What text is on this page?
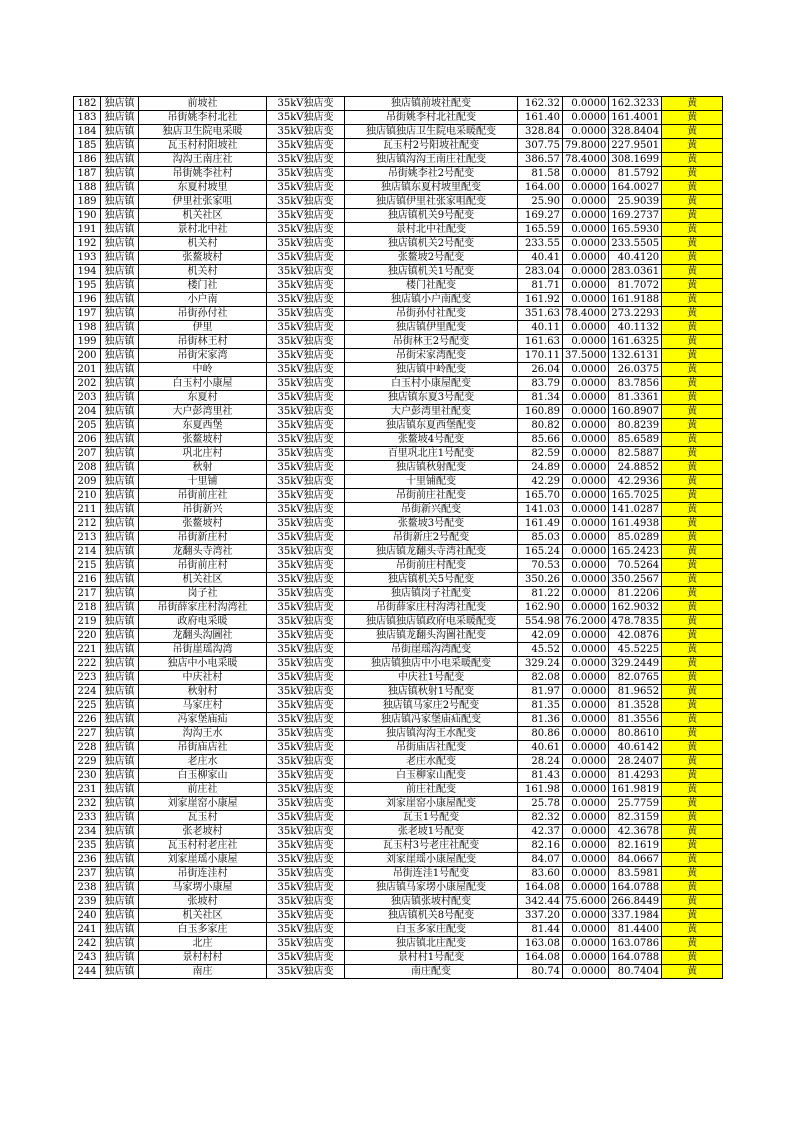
182	独店镇	前坡社	35kV独店变	独店镇前坡社配变	162.32	0.0000	162.3233	黄
183	独店镇	吊街姚李村北社	35kV独店变	吊街姚李村北社配变	161.40	0.0000	161.4001	黄
184	独店镇	独店卫生院电采暖	35kV独店变	独店镇独店卫生院电采暖配变	328.84	0.0000	328.8404	黄
185	独店镇	瓦玉村村阳坡社	35kV独店变	瓦玉村2号阳坡社配变	307.75	79.8000	227.9501	黄
186	独店镇	沟沟王南庄社	35kV独店变	独店镇沟沟王南庄社配变	386.57	78.4000	308.1699	黄
187	独店镇	吊街姚李社村	35kV独店变	吊街姚李社2号配变	81.58	0.0000	81.5792	黄
188	独店镇	东夏村坡里	35kV独店变	独店镇东夏村坡里配变	164.00	0.0000	164.0027	黄
189	独店镇	伊里社张家咀	35kV独店变	独店镇伊里社张家咀配变	25.90	0.0000	25.9039	黄
190	独店镇	机关社区	35kV独店变	独店镇机关9号配变	169.27	0.0000	169.2737	黄
191	独店镇	景村北中社	35kV独店变	景村北中社配变	165.59	0.0000	165.5930	黄
192	独店镇	机关村	35kV独店变	独店镇机关2号配变	233.55	0.0000	233.5505	黄
193	独店镇	张鳌坡村	35kV独店变	张鳌坡2号配变	40.41	0.0000	40.4120	黄
194	独店镇	机关村	35kV独店变	独店镇机关1号配变	283.04	0.0000	283.0361	黄
195	独店镇	楼门社	35kV独店变	楼门社配变	81.71	0.0000	81.7072	黄
196	独店镇	小户南	35kV独店变	独店镇小户南配变	161.92	0.0000	161.9188	黄
197	独店镇	吊街孙付社	35kV独店变	吊街孙付社配变	351.63	78.4000	273.2293	黄
198	独店镇	伊里	35kV独店变	独店镇伊里配变	40.11	0.0000	40.1132	黄
199	独店镇	吊街林王村	35kV独店变	吊街林王2号配变	161.63	0.0000	161.6325	黄
200	独店镇	吊街宋家湾	35kV独店变	吊街宋家湾配变	170.11	37.5000	132.6131	黄
201	独店镇	中岭	35kV独店变	独店镇中岭配变	26.04	0.0000	26.0375	黄
202	独店镇	白玉村小康屋	35kV独店变	白玉村小康屋配变	83.79	0.0000	83.7856	黄
203	独店镇	东夏村	35kV独店变	独店镇东夏3号配变	81.34	0.0000	81.3361	黄
204	独店镇	大户彭湾里社	35kV独店变	大户彭湾里社配变	160.89	0.0000	160.8907	黄
205	独店镇	东夏西堡	35kV独店变	独店镇东夏西堡配变	80.82	0.0000	80.8239	黄
206	独店镇	张鳌坡村	35kV独店变	张鳌坡4号配变	85.66	0.0000	85.6589	黄
207	独店镇	巩北庄村	35kV独店变	百里巩北庄1号配变	82.59	0.0000	82.5887	黄
208	独店镇	秋射	35kV独店变	独店镇秋射配变	24.89	0.0000	24.8852	黄
209	独店镇	十里铺	35kV独店变	十里铺配变	42.29	0.0000	42.2936	黄
210	独店镇	吊街前庄社	35kV独店变	吊街前庄社配变	165.70	0.0000	165.7025	黄
211	独店镇	吊街新兴	35kV独店变	吊街新兴配变	141.03	0.0000	141.0287	黄
212	独店镇	张鳌坡村	35kV独店变	张鳌坡3号配变	161.49	0.0000	161.4938	黄
213	独店镇	吊街新庄村	35kV独店变	吊街新庄2号配变	85.03	0.0000	85.0289	黄
214	独店镇	龙翻头寺湾社	35kV独店变	独店镇龙翻头寺湾社配变	165.24	0.0000	165.2423	黄
215	独店镇	吊街前庄村	35kV独店变	吊街前庄村配变	70.53	0.0000	70.5264	黄
216	独店镇	机关社区	35kV独店变	独店镇机关5号配变	350.26	0.0000	350.2567	黄
217	独店镇	岗子社	35kV独店变	独店镇岗子社配变	81.22	0.0000	81.2206	黄
218	独店镇	吊街薛家庄村沟湾社	35kV独店变	吊街薛家庄村沟湾社配变	162.90	0.0000	162.9032	黄
219	独店镇	政府电采暖	35kV独店变	独店镇独店镇政府电采暖配变	554.98	76.2000	478.7835	黄
220	独店镇	龙翻头沟圖社	35kV独店变	独店镇龙翻头沟圖社配变	42.09	0.0000	42.0876	黄
221	独店镇	吊街崖瑶沟湾	35kV独店变	吊街崖瑶沟湾配变	45.52	0.0000	45.5225	黄
222	独店镇	独店中小电采暖	35kV独店变	独店镇独店中小电采暖配变	329.24	0.0000	329.2449	黄
223	独店镇	中庆社村	35kV独店变	中庆社1号配变	82.08	0.0000	82.0765	黄
224	独店镇	秋射村	35kV独店变	独店镇秋射1号配变	81.97	0.0000	81.9652	黄
225	独店镇	马家庄村	35kV独店变	独店镇马家庄2号配变	81.35	0.0000	81.3528	黄
226	独店镇	冯家堡庙疝	35kV独店变	独店镇冯家堡庙疝配变	81.36	0.0000	81.3556	黄
227	独店镇	沟沟王水	35kV独店变	独店镇沟沟王水配变	80.86	0.0000	80.8610	黄
228	独店镇	吊街庙店社	35kV独店变	吊街庙店社配变	40.61	0.0000	40.6142	黄
229	独店镇	老庄水	35kV独店变	老庄水配变	28.24	0.0000	28.2407	黄
230	独店镇	白玉柳家山	35kV独店变	白玉柳家山配变	81.43	0.0000	81.4293	黄
231	独店镇	前庄社	35kV独店变	前庄社配变	161.98	0.0000	161.9819	黄
232	独店镇	刘家崖窑小康屋	35kV独店变	刘家崖窑小康屋配变	25.78	0.0000	25.7759	黄
233	独店镇	瓦玉村	35kV独店变	瓦玉1号配变	82.32	0.0000	82.3159	黄
234	独店镇	张老坡村	35kV独店变	张老坡1号配变	42.37	0.0000	42.3678	黄
235	独店镇	瓦玉村村老庄社	35kV独店变	瓦玉村3号老庄社配变	82.16	0.0000	82.1619	黄
236	独店镇	刘家崖瑶小康屋	35kV独店变	刘家崖瑶小康屋配变	84.07	0.0000	84.0667	黄
237	独店镇	吊街连洼村	35kV独店变	吊街连洼1号配变	83.60	0.0000	83.5981	黄
238	独店镇	马家塄小康屋	35kV独店变	独店镇马家塄小康屋配变	164.08	0.0000	164.0788	黄
239	独店镇	张坡村	35kV独店变	独店镇张坡村配变	342.44	75.6000	266.8449	黄
240	独店镇	机关社区	35kV独店变	独店镇机关8号配变	337.20	0.0000	337.1984	黄
241	独店镇	白玉多家庄	35kV独店变	白玉多家庄配变	81.44	0.0000	81.4400	黄
242	独店镇	北庄	35kV独店变	独店镇北庄配变	163.08	0.0000	163.0786	黄
243	独店镇	景村村村	35kV独店变	景村村1号配变	164.08	0.0000	164.0788	黄
244	独店镇	南庄	35kV独店变	南庄配变	80.74	0.0000	80.7404	黄
